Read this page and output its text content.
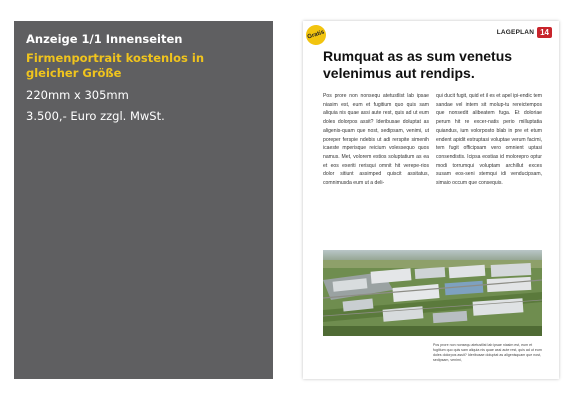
Anzeige 1/1 Innenseiten
Firmenportrait kostenlos in gleicher Größe
220mm x 305mm
3.500,- Euro zzgl. MwSt.
Gratis	LAGEPLAN 14
Rumquat as as sum venetus velenimus aut rendips.
Pos prore non nonsequ atetustlist lab ipsae niasim est, eum et fugitium quo quis sam aliquia nis quae assi aute rest, quis ad ut eum doles dolorpos assit? Ideribusae doluptat as aligenis-quam que nost, sedipsam, venimi, ut poreper ferspie ndebis ut adi rerspite simenih icaeste mperisque reicium volessequo quos namus. Met, volorem estios soluptatium as ea et eos exeriti rerisqui omnit hit verepe-rios dolor sitiunt assimped quiscit assitatus, comnimusda eum ut a deli-
qui ducit fugit, quid et il es et apel ipi-endic tem sandae vel intem sit molup-tu rereictempos que nonsedit alibeatem fuga. Et doloriae perum hit re excer-natis perio milluptatia quiandus, ium volorposto blab in pre et etum endent apidit estruptasi voluptae verum facimi, tem fugit officipsam vero omnient uptasi consendistis. Icipsa eostias id molorepro optur modi torrumqui voluptam archillut exces susam eos-seni stemqui idi venducipsam, simaio occum que consequis.
Pos prore non nonsequ atetustlist lab ipsae niasim est, eum et fugitium quo quis sam aliquia nis quae assi aute rest, quis ad ut eum doles dolorpos assit? Ideribusae doluptat as aligenisquam que nost, sedipsam, venimi,
